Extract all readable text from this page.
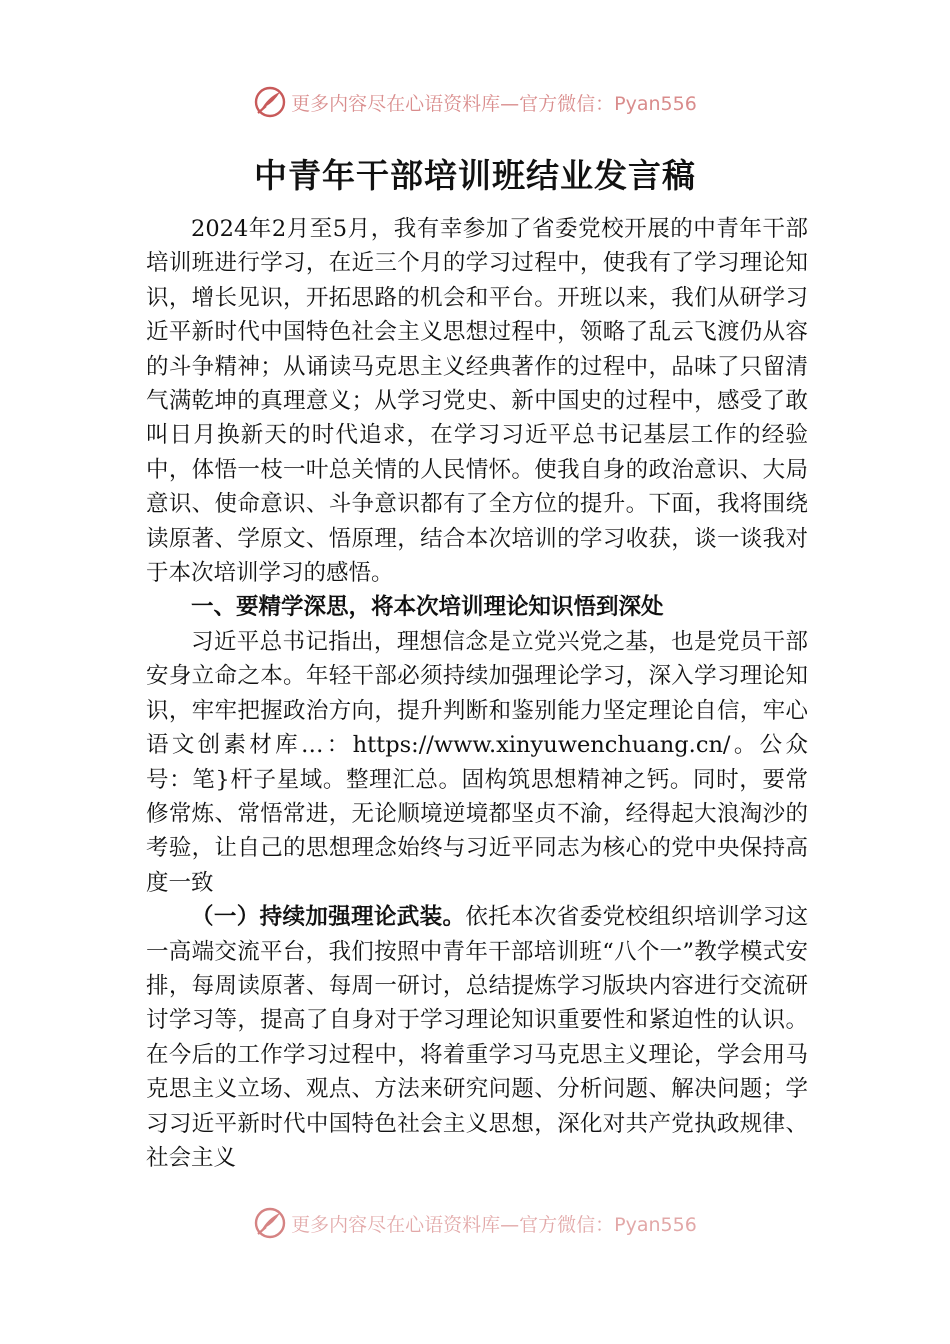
更多内容尽在心语资料库—官方微信：Pyan556
中青年干部培训班结业发言稿

2024年2月至5月，我有幸参加了省委党校开展的中青年干部培训班进行学习，在近三个月的学习过程中，使我有了学习理论知识，增长见识，开拓思路的机会和平台。开班以来，我们从研学习近平新时代中国特色社会主义思想过程中，领略了乱云飞渡仍从容的斗争精神；从诵读马克思主义经典著作的过程中，品味了只留清气满乾坤的真理意义；从学习党史、新中国史的过程中，感受了敢叫日月换新天的时代追求，在学习习近平总书记基层工作的经验中，体悟一枝一叶总关情的人民情怀。使我自身的政治意识、大局意识、使命意识、斗争意识都有了全方位的提升。下面，我将围绕读原著、学原文、悟原理，结合本次培训的学习收获，谈一谈我对于本次培训学习的感悟。

一、要精学深思，将本次培训理论知识悟到深处

习近平总书记指出，理想信念是立党兴党之基，也是党员干部安身立命之本。年轻干部必须持续加强理论学习，深入学习理论知识，牢牢把握政治方向，提升判断和鉴别能力坚定理论自信，牢心语文创素材库…：https://www.xinyuwenchuang.cn/。公众号：笔}杆子星域。整理汇总。固构筑思想精神之钙。同时，要常修常炼、常悟常进，无论顺境逆境都坚贞不渝，经得起大浪淘沙的考验，让自己的思想理念始终与习近平同志为核心的党中央保持高度一致

（一）持续加强理论武装。依托本次省委党校组织培训学习这一高端交流平台，我们按照中青年干部培训班“八个一”教学模式安排，每周读原著、每周一研讨，总结提炼学习版块内容进行交流研讨学习等，提高了自身对于学习理论知识重要性和紧迫性的认识。在今后的工作学习过程中，将着重学习马克思主义理论，学会用马克思主义立场、观点、方法来研究问题、分析问题、解决问题；学习习近平新时代中国特色社会主义思想，深化对共产党执政规律、社会主义

更多内容尽在心语资料库—官方微信：Pyan556
